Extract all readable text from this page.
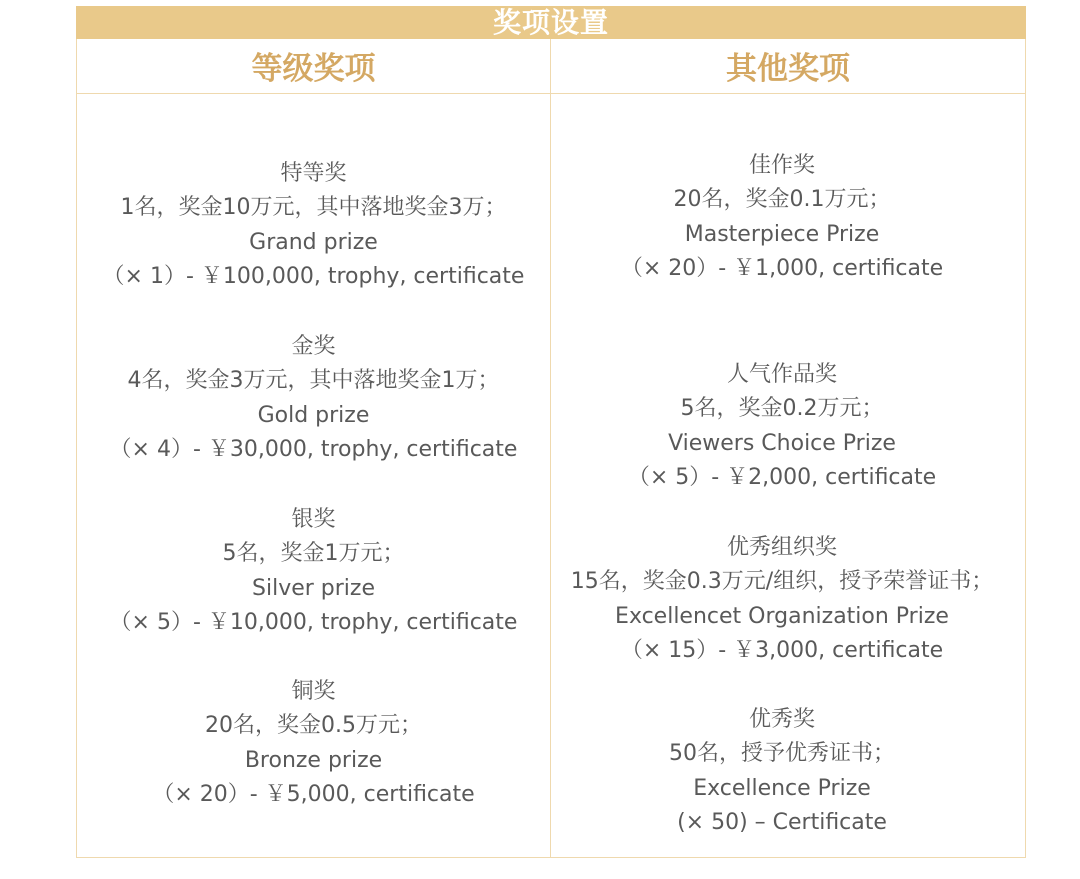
奖项设置
等级奖项	其他奖项
特等奖
1名，奖金10万元，其中落地奖金3万；
Grand prize
（× 1）- ￥100,000, trophy, certificate
金奖
4名，奖金3万元，其中落地奖金1万；
Gold prize
（× 4）- ￥30,000, trophy, certificate
银奖
5名，奖金1万元；
Silver prize
（× 5）- ￥10,000, trophy, certificate
铜奖
20名，奖金0.5万元；
Bronze prize
（× 20）- ￥5,000, certificate
佳作奖
20名，奖金0.1万元；
Masterpiece Prize
（× 20）- ￥1,000, certificate
人气作品奖
5名，奖金0.2万元；
Viewers Choice Prize
（× 5）- ￥2,000, certificate
优秀组织奖
15名，奖金0.3万元/组织，授予荣誉证书；
Excellencet Organization Prize
（× 15）- ￥3,000, certificate
优秀奖
50名，授予优秀证书；
Excellence Prize
(× 50) – Certificate
